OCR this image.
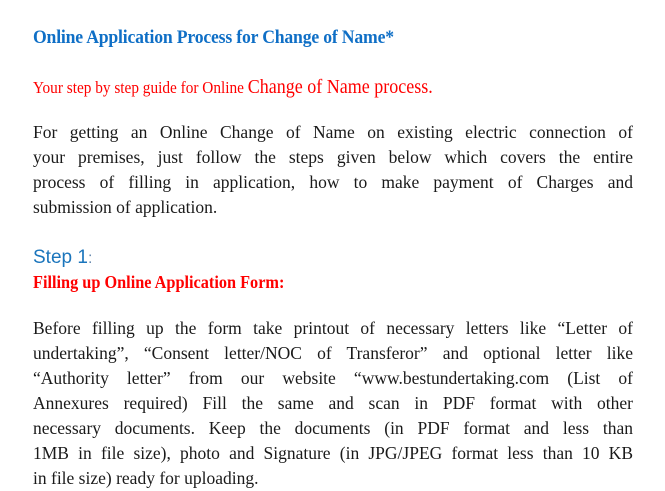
Online Application Process for Change of Name*
Your step by step guide for Online Change of Name process.
For getting an Online Change of Name on existing electric connection of
your premises, just follow the steps given below which covers the entire
process of filling in application, how to make payment of Charges and
submission of application.
Step 1:
Filling up Online Application Form:
Before filling up the form take printout of necessary letters like “Letter of
undertaking”, “Consent letter/NOC of Transferor” and optional letter like
“Authority letter” from our website “www.bestundertaking.com (List of
Annexures required) Fill the same and scan in PDF format with other
necessary documents. Keep the documents (in PDF format and less than
1MB in file size), photo and Signature (in JPG/JPEG format less than 10 KB
in file size) ready for uploading.
